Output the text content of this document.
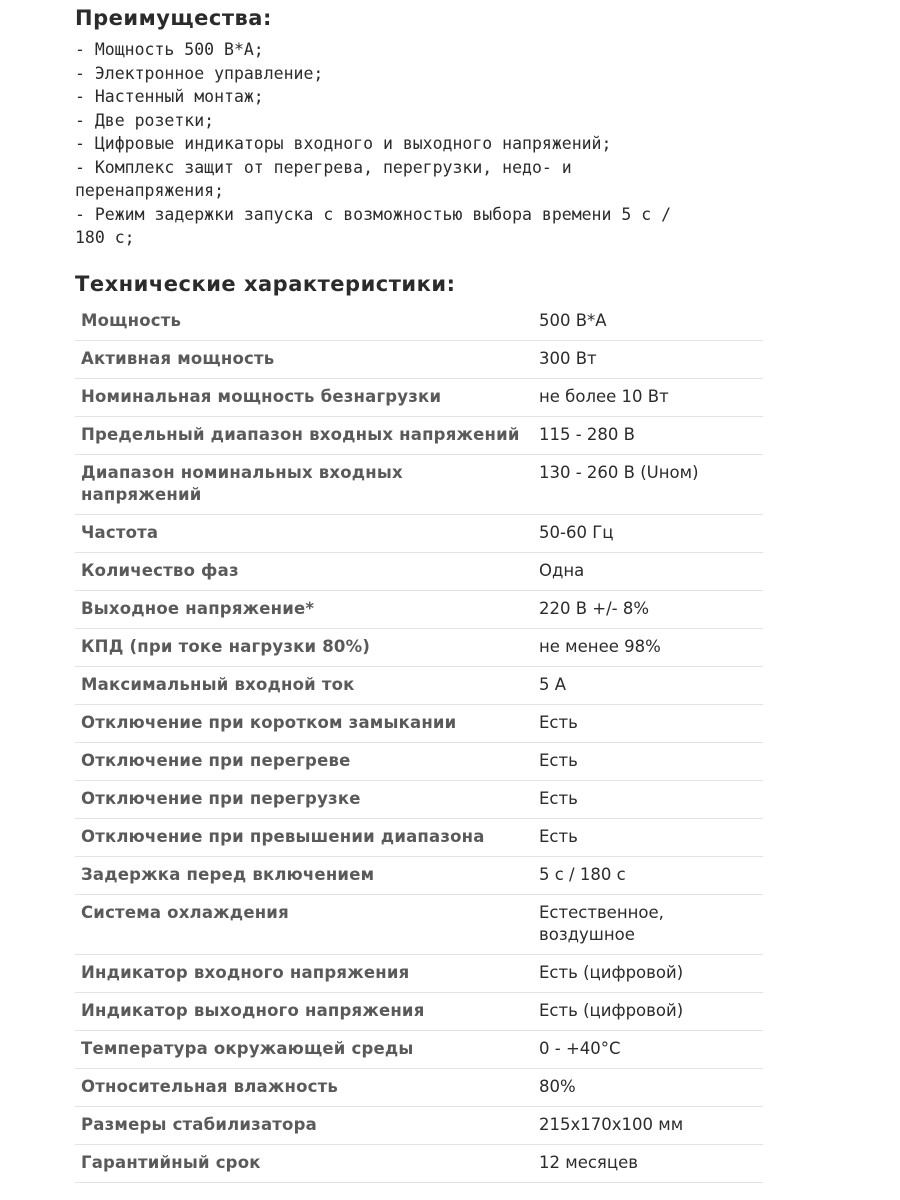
Преимущества:
- Мощность 500 В*А;
- Электронное управление;
- Настенный монтаж;
- Две розетки;
- Цифровые индикаторы входного и выходного напряжений;
- Комплекс защит от перегрева, перегрузки, недо- и
перенапряжения;
- Режим задержки запуска с возможностью выбора времени 5 с /
180 с;
Технические характеристики:
Мощность	500 В*А
Активная мощность	300 Вт
Номинальная мощность безнагрузки	не более 10 Вт
Предельный диапазон входных напряжений	115 - 280 В
Диапазон номинальных входных напряжений	130 - 260 В (Uном)
Частота	50-60 Гц
Количество фаз	Одна
Выходное напряжение*	220 В +/- 8%
КПД (при токе нагрузки 80%)	не менее 98%
Максимальный входной ток	5 А
Отключение при коротком замыкании	Есть
Отключение при перегреве	Есть
Отключение при перегрузке	Есть
Отключение при превышении диапазона	Есть
Задержка перед включением	5 с / 180 с
Система охлаждения	Естественное, воздушное
Индикатор входного напряжения	Есть (цифровой)
Индикатор выходного напряжения	Есть (цифровой)
Температура окружающей среды	0 - +40°С
Относительная влажность	80%
Размеры стабилизатора	215x170x100 мм
Гарантийный срок	12 месяцев
